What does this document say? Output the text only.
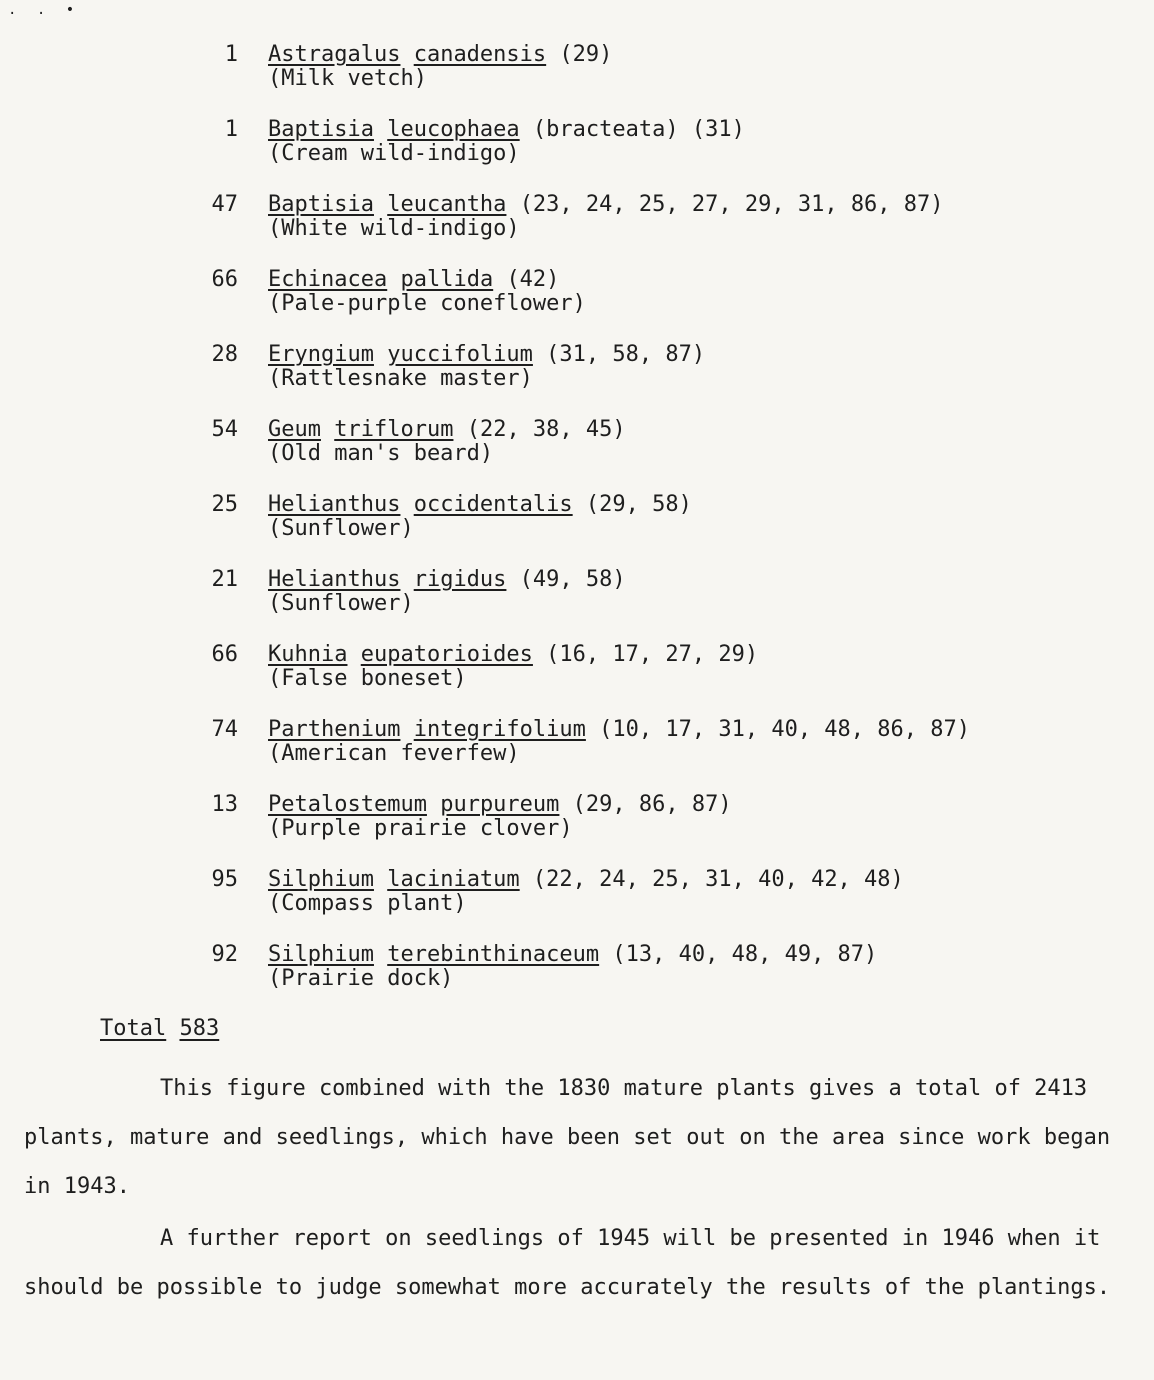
. . •
1 Astragalus canadensis (29)
(Milk vetch)
1 Baptisia leucophaea (bracteata) (31)
(Cream wild-indigo)
47 Baptisia leucantha (23, 24, 25, 27, 29, 31, 86, 87)
(White wild-indigo)
66 Echinacea pallida (42)
(Pale-purple coneflower)
28 Eryngium yuccifolium (31, 58, 87)
(Rattlesnake master)
54 Geum triflorum (22, 38, 45)
(Old man's beard)
25 Helianthus occidentalis (29, 58)
(Sunflower)
21 Helianthus rigidus (49, 58)
(Sunflower)
66 Kuhnia eupatorioides (16, 17, 27, 29)
(False boneset)
74 Parthenium integrifolium (10, 17, 31, 40, 48, 86, 87)
(American feverfew)
13 Petalostemum purpureum (29, 86, 87)
(Purple prairie clover)
95 Silphium laciniatum (22, 24, 25, 31, 40, 42, 48)
(Compass plant)
92 Silphium terebinthinaceum (13, 40, 48, 49, 87)
(Prairie dock)
Total 583

This figure combined with the 1830 mature plants gives a total of 2413 plants, mature and seedlings, which have been set out on the area since work began in 1943.

A further report on seedlings of 1945 will be presented in 1946 when it should be possible to judge somewhat more accurately the results of the plantings.
